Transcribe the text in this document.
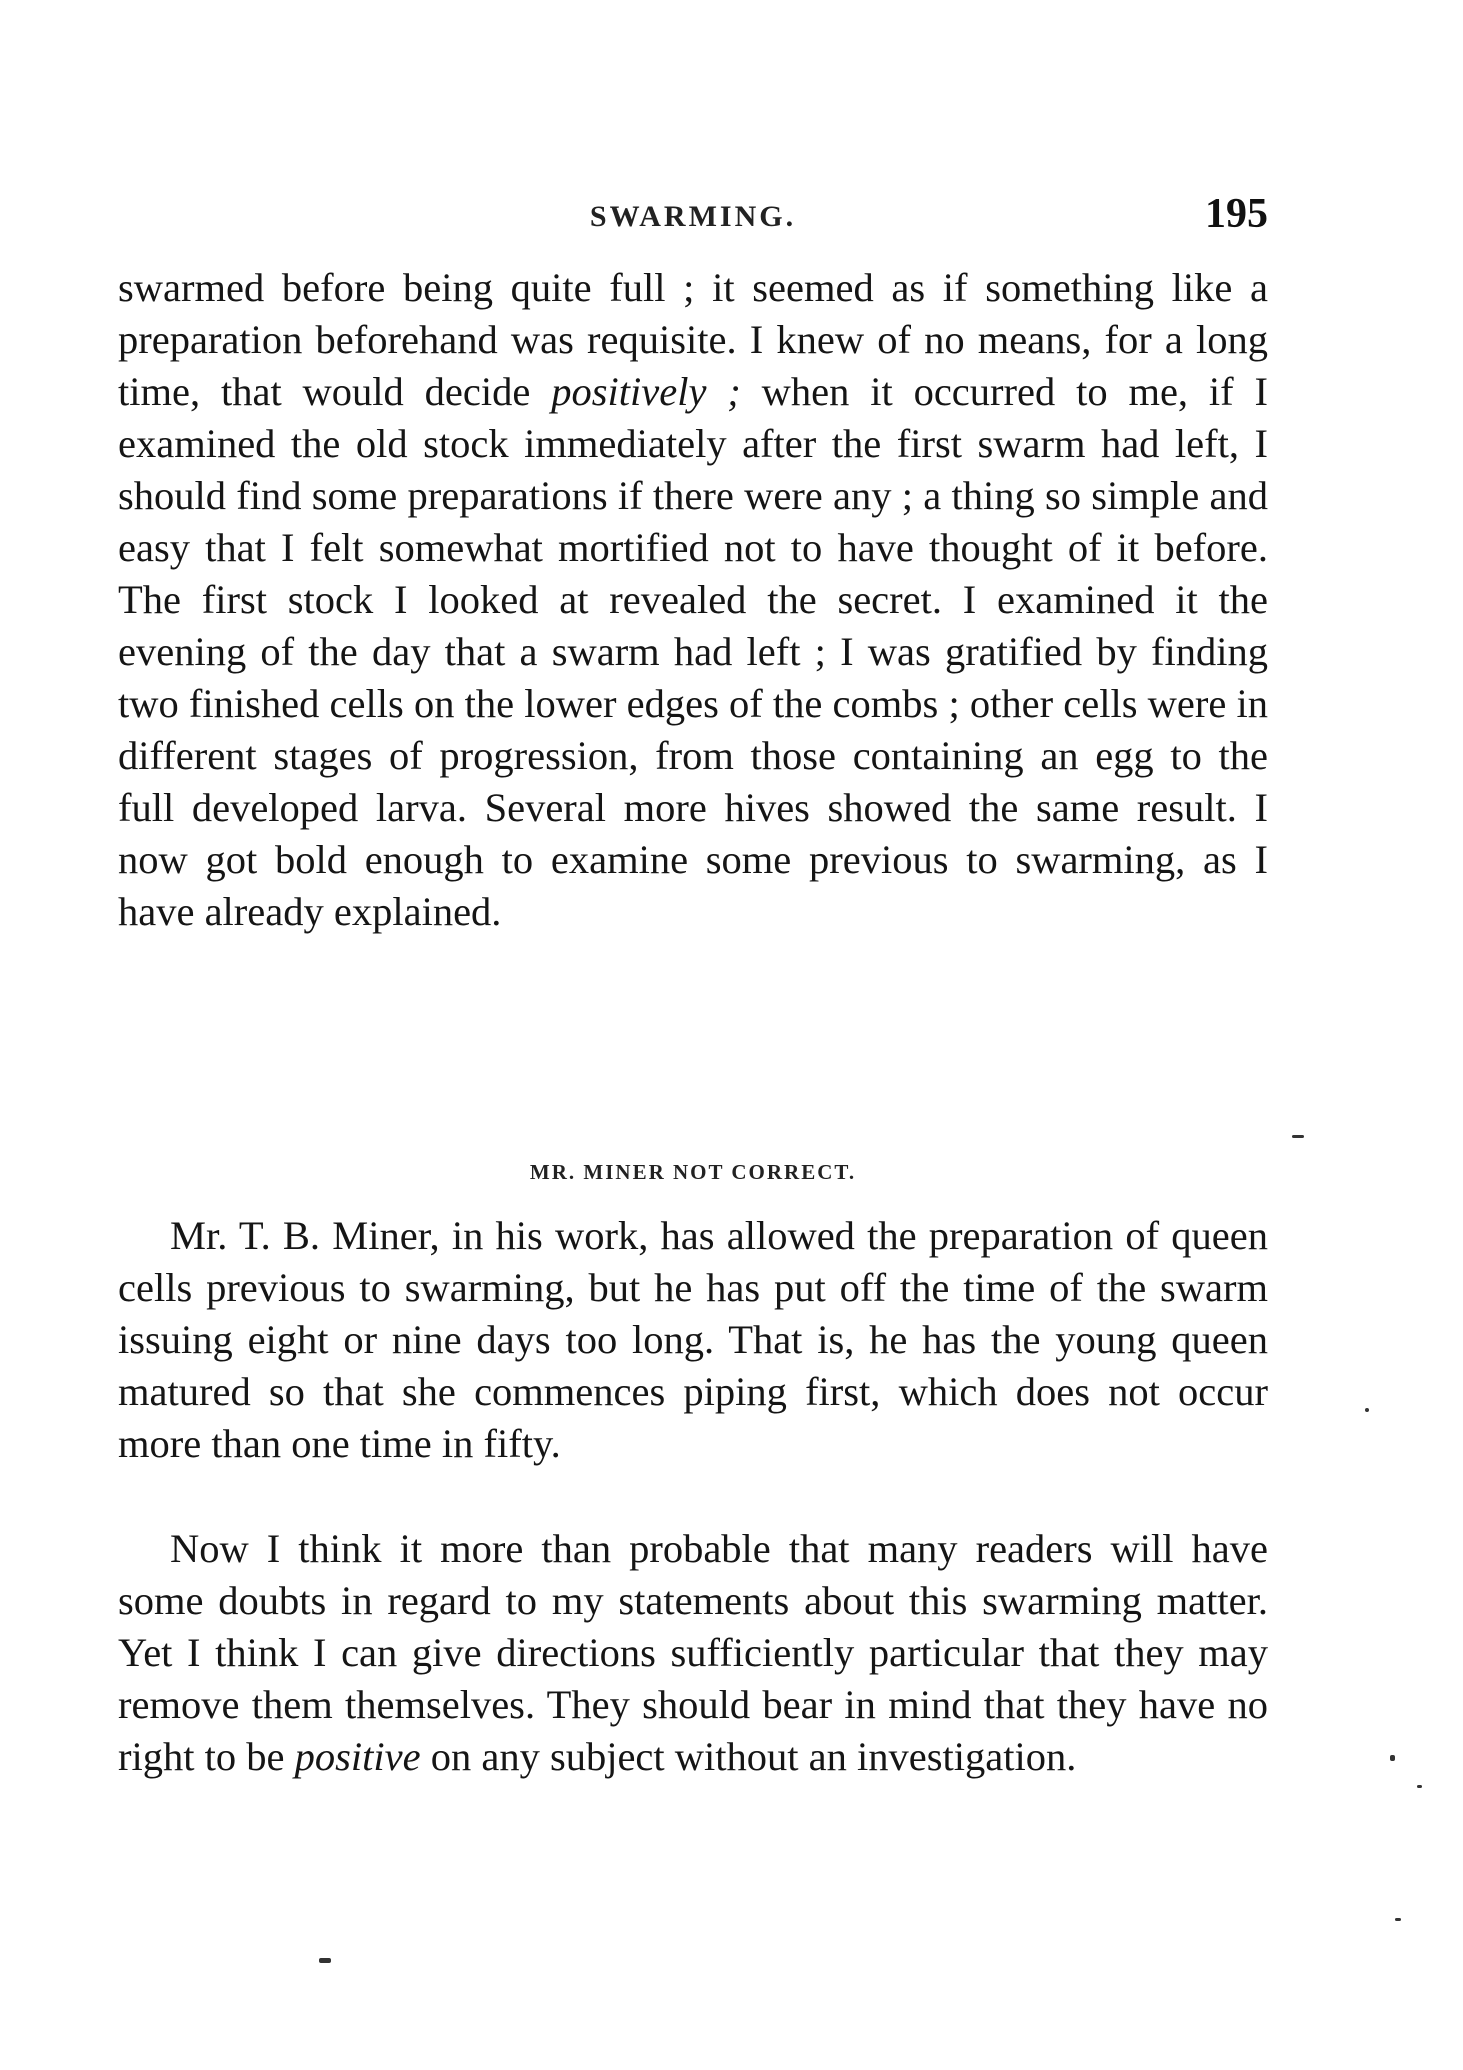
SWARMING.	195

swarmed before being quite full ; it seemed as if something like a preparation beforehand was requisite. I knew of no means, for a long time, that would decide positively ; when it occurred to me, if I examined the old stock immediately after the first swarm had left, I should find some preparations if there were any ; a thing so simple and easy that I felt somewhat mortified not to have thought of it before. The first stock I looked at revealed the secret. I examined it the evening of the day that a swarm had left ; I was gratified by finding two finished cells on the lower edges of the combs ; other cells were in different stages of progression, from those containing an egg to the full developed larva. Several more hives showed the same result. I now got bold enough to examine some previous to swarming, as I have already explained.

MR. MINER NOT CORRECT.

Mr. T. B. Miner, in his work, has allowed the preparation of queen cells previous to swarming, but he has put off the time of the swarm issuing eight or nine days too long. That is, he has the young queen matured so that she commences piping first, which does not occur more than one time in fifty.

Now I think it more than probable that many readers will have some doubts in regard to my statements about this swarming matter. Yet I think I can give directions sufficiently particular that they may remove them themselves. They should bear in mind that they have no right to be positive on any subject without an investigation.
